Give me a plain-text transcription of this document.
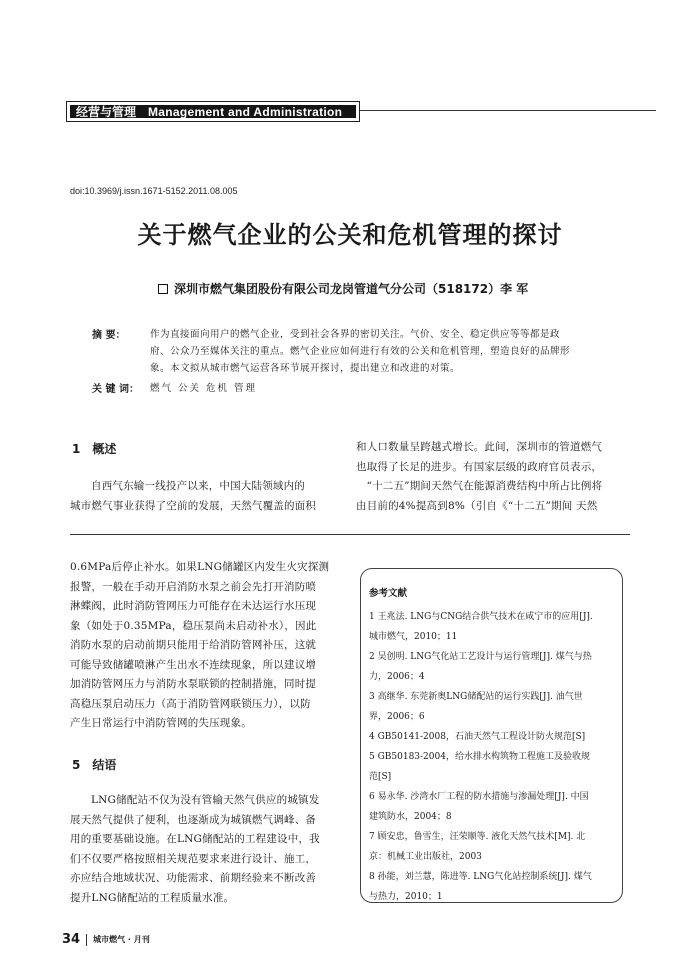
经营与管理 Management and Administration
doi:10.3969/j.issn.1671-5152.2011.08.005
关于燃气企业的公关和危机管理的探讨
深圳市燃气集团股份有限公司龙岗管道气分公司（518172）李 军
摘 要：	作为直接面向用户的燃气企业，受到社会各界的密切关注。气价、安全、稳定供应等等都是政
府、公众乃至媒体关注的重点。燃气企业应如何进行有效的公关和危机管理，塑造良好的品牌形
象。本文拟从城市燃气运营各环节展开探讨，提出建立和改进的对策。
关 键 词： 燃气 公关 危机 管理
1　概述
自西气东输一线投产以来，中国大陆领域内的
城市燃气事业获得了空前的发展，天然气覆盖的面积
和人口数量呈跨越式增长。此间，深圳市的管道燃气
也取得了长足的进步。有国家层级的政府官员表示，
“十二五”期间天然气在能源消费结构中所占比例将
由目前的4%提高到8%（引自《“十二五”期间 天然
0.6MPa后停止补水。如果LNG储罐区内发生火灾探测
报警，一般在手动开启消防水泵之前会先打开消防喷
淋蝶阀，此时消防管网压力可能存在未达运行水压现
象（如处于0.35MPa，稳压泵尚未启动补水），因此
消防水泵的启动前期只能用于给消防管网补压，这就
可能导致储罐喷淋产生出水不连续现象，所以建议增
加消防管网压力与消防水泵联锁的控制措施，同时提
高稳压泵启动压力（高于消防管网联锁压力），以防
产生日常运行中消防管网的失压现象。
5　结语
LNG储配站不仅为没有管输天然气供应的城镇发
展天然气提供了便利，也逐渐成为城镇燃气调峰、备
用的重要基础设施。在LNG储配站的工程建设中，我
们不仅要严格按照相关规范要求来进行设计、施工，
亦应结合地域状况、功能需求、前期经验来不断改善
提升LNG储配站的工程质量水准。
参考文献
1 王兆法. LNG与CNG结合供气技术在咸宁市的应用[J].
城市燃气，2010；11
2 吴创明. LNG气化站工艺设计与运行管理[J]. 煤气与热
力，2006；4
3 高继华. 东莞新奥LNG储配站的运行实践[J]. 油气世
界，2006；6
4 GB50141-2008，石油天然气工程设计防火规范[S]
5 GB50183-2004，给水排水构筑物工程施工及验收规
范[S]
6 易永华. 沙湾水厂工程的防水措施与渗漏处理[J]. 中国
建筑防水，2004；8
7 顾安忠，鲁雪生，汪荣顺等. 液化天然气技术[M]. 北
京：机械工业出版社，2003
8 孙能，刘兰慧，陈进等. LNG气化站控制系统[J]. 煤气
与热力，2010；1
34 城市燃气 · 月刊
